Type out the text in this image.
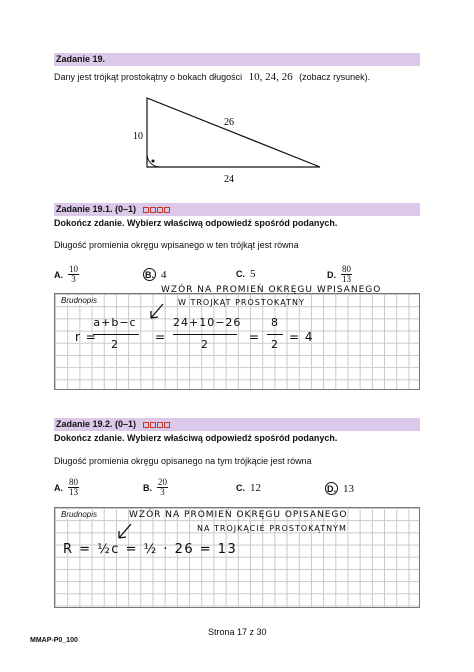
Zadanie 19.
Dany jest trójkąt prostokątny o bokach długości 10, 24, 26 (zobacz rysunek).
10
26
24
Zadanie 19.1. (0–1)
Dokończ zdanie. Wybierz właściwą odpowiedź spośród podanych.
Długość promienia okręgu wpisanego w ten trójkąt jest równa
A. $\frac{10}{3}$	B. 4	C. 5	D. $\frac{80}{13}$
Brudnopis
WZÓR NA PROMIEŃ OKRĘGU WPISANEGO
W TROJKĄT PROSTOKĄTNY
r =
a+b−c
2
=
24+10−26
2
=
8
2
= 4
Zadanie 19.2. (0–1)
Dokończ zdanie. Wybierz właściwą odpowiedź spośród podanych.
Długość promienia okręgu opisanego na tym trójkącie jest równa
A. $\frac{80}{13}$	B. $\frac{20}{3}$	C. 12	D. 13
Brudnopis	WZÓR NA PROMIEŃ OKRĘGU OPISANEGO
NA TROJKĄCIE PROSTOKĄTNYM
R = ½c = ½ · 26 = 13
Strona 17 z 30
MMAP-P0_100
